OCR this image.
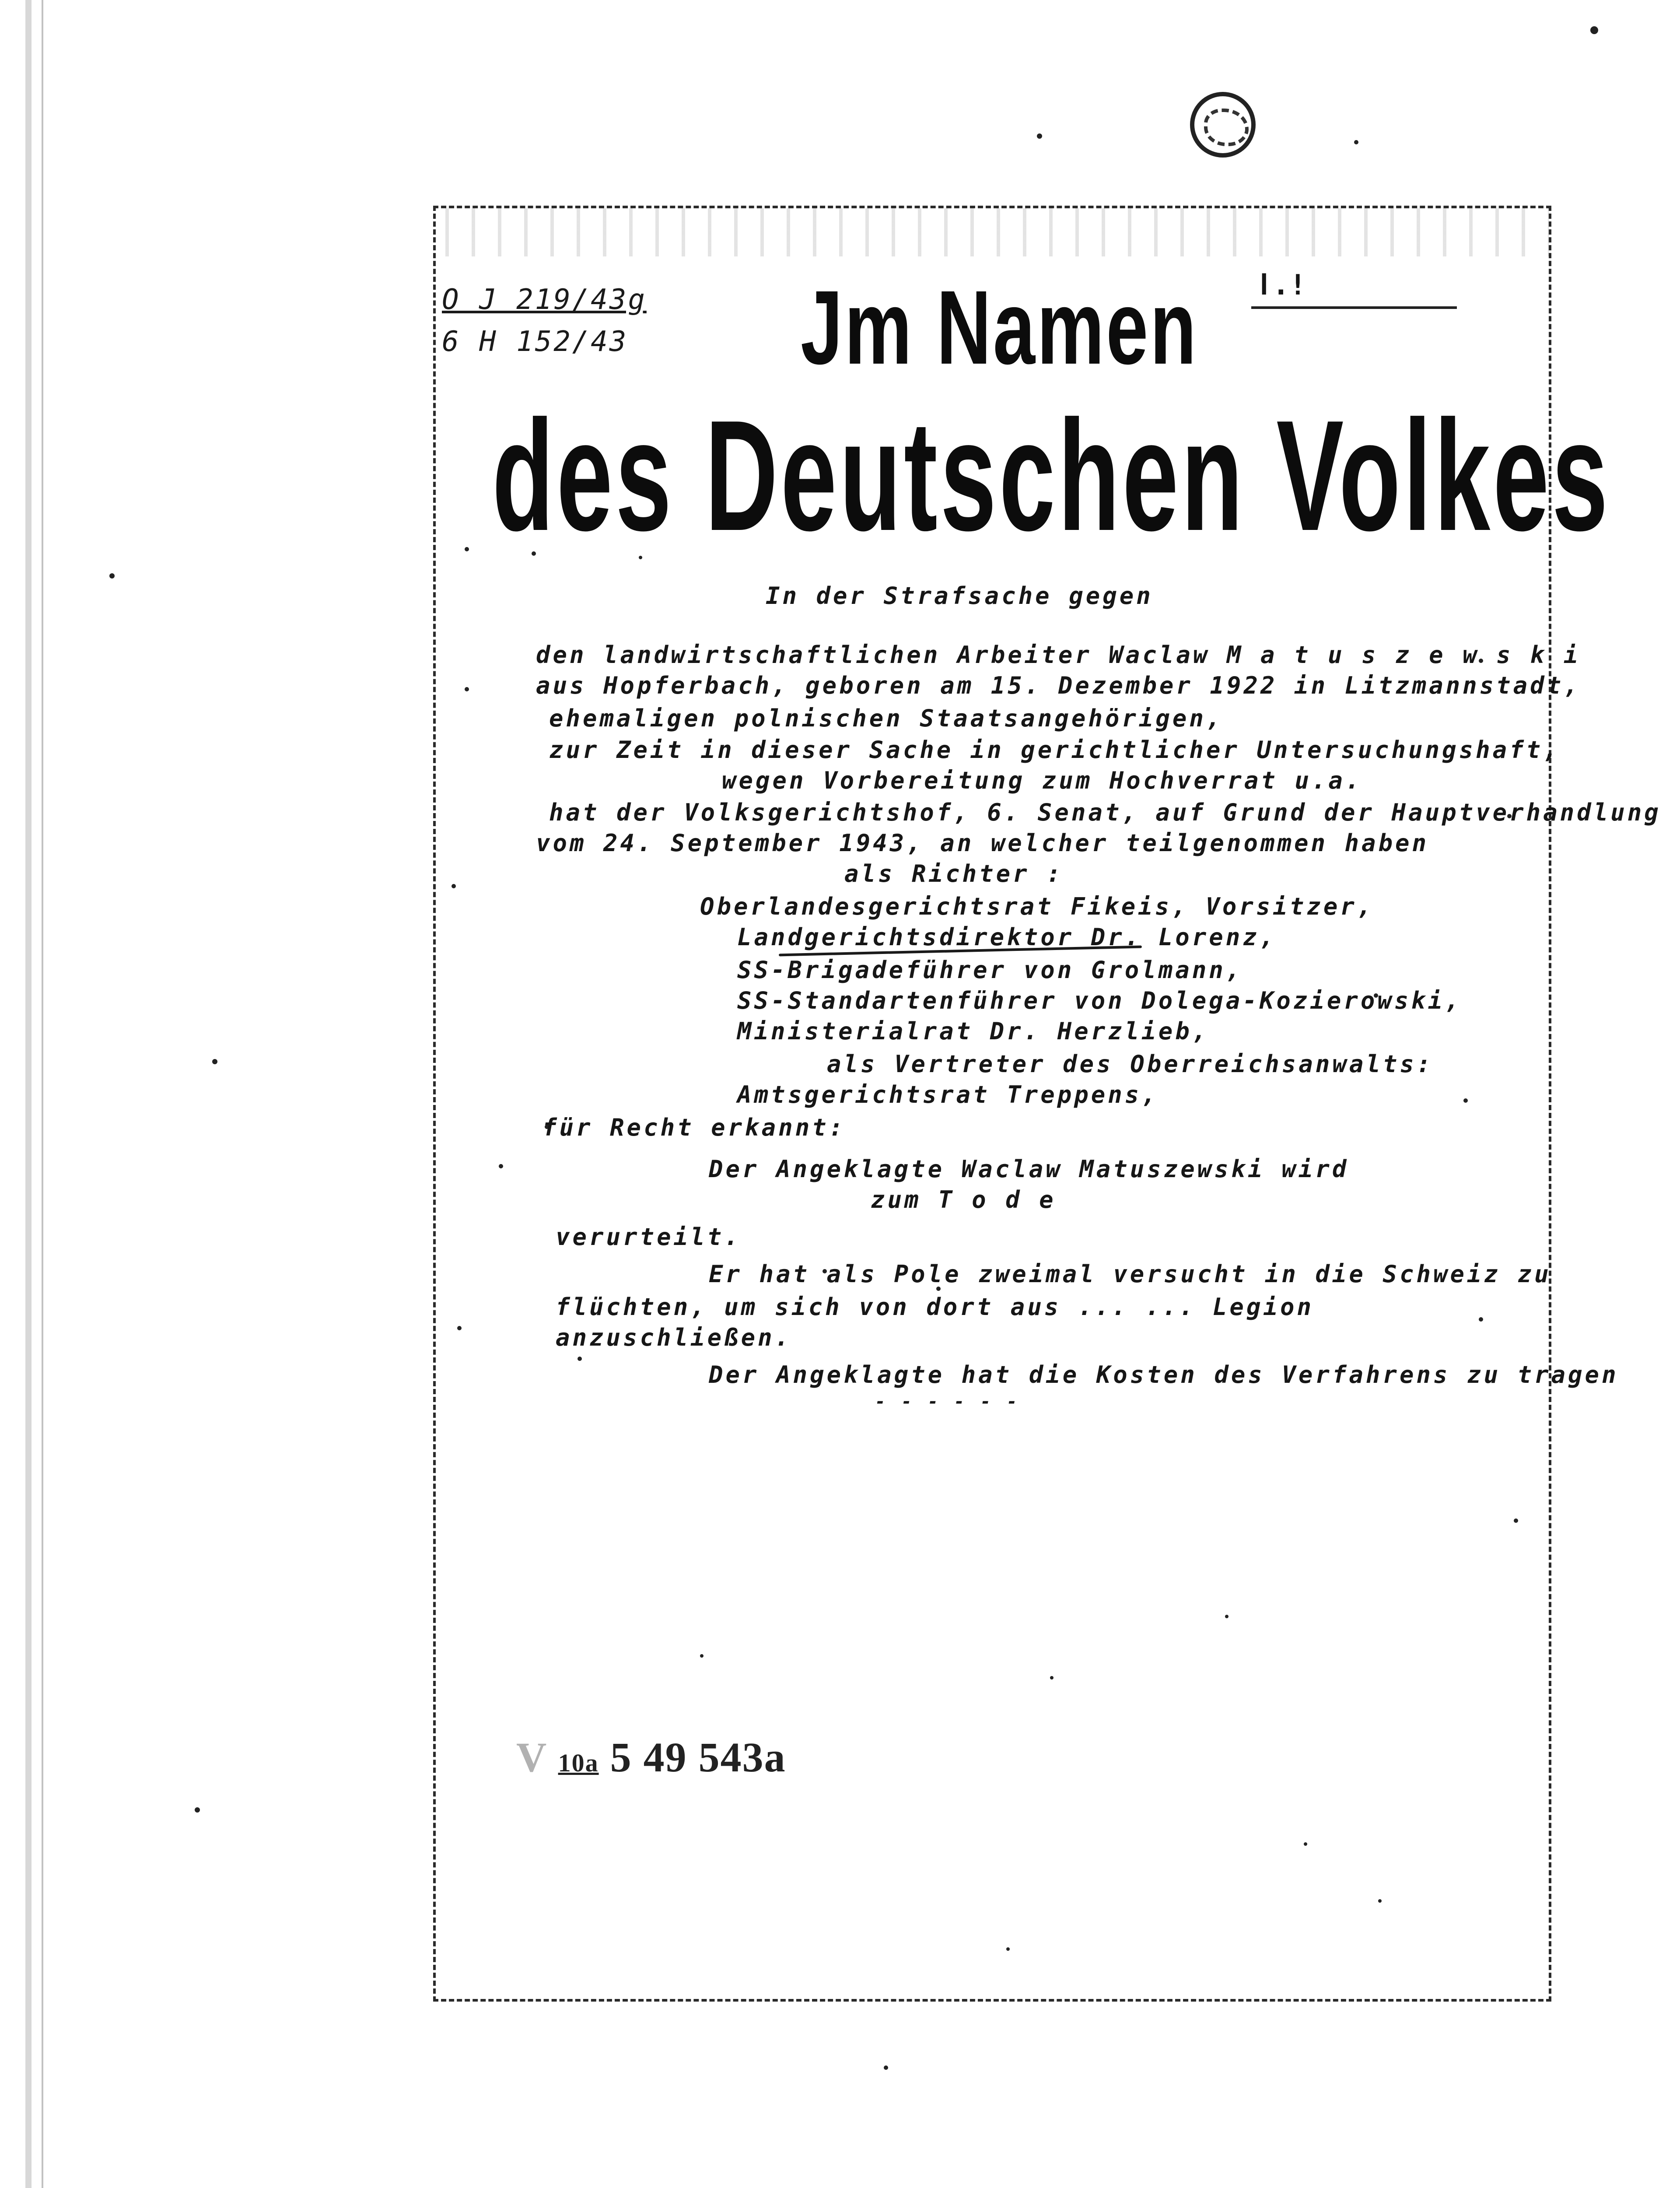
O J 219/43g
6 H 152/43 Jm Namen
des Deutschen Volkes
ا.!
In der Strafsache gegen
den landwirtschaftlichen Arbeiter Waclaw M a t u s z e w s k i
aus Hopferbach, geboren am 15. Dezember 1922 in Litzmannstadt,
ehemaligen polnischen Staatsangehörigen,
zur Zeit in dieser Sache in gerichtlicher Untersuchungshaft,
wegen Vorbereitung zum Hochverrat u.a.
hat der Volksgerichtshof, 6. Senat, auf Grund der Hauptverhandlung
vom 24. September 1943, an welcher teilgenommen haben
als Richter :
Oberlandesgerichtsrat Fikeis, Vorsitzer,
Landgerichtsdirektor Dr. Lorenz,
SS-Brigadeführer von Grolmann,
SS-Standartenführer von Dolega-Kozierowski,
Ministerialrat Dr. Herzlieb,
als Vertreter des Oberreichsanwalts:
Amtsgerichtsrat Treppens,
für Recht erkannt:
Der Angeklagte Waclaw Matuszewski wird
zum T o d e
verurteilt.
Er hat als Pole zweimal versucht in die Schweiz zu
flüchten, um sich von dort aus ... ... Legion
anzuschließen.
Der Angeklagte hat die Kosten des Verfahrens zu tragen
- - - - - -
V 10a 5 49 543a
